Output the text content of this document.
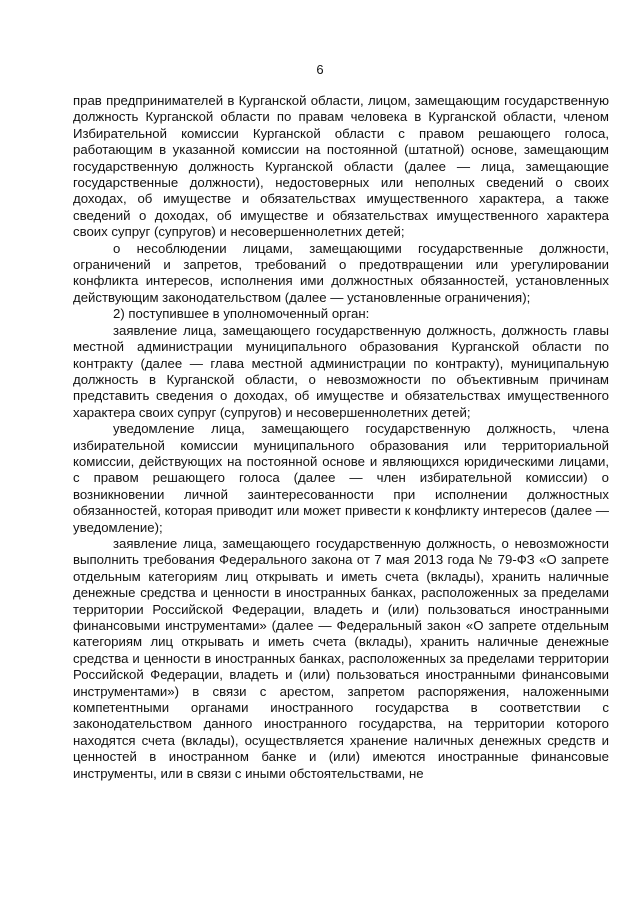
6

прав предпринимателей в Курганской области, лицом, замещающим государственную должность Курганской области по правам человека в Курганской области, членом Избирательной комиссии Курганской области с правом решающего голоса, работающим в указанной комиссии на постоянной (штатной) основе, замещающим государственную должность Курганской области (далее — лица, замещающие государственные должности), недостоверных или неполных сведений о своих доходах, об имуществе и обязательствах имущественного характера, а также сведений о доходах, об имуществе и обязательствах имущественного характера своих супруг (супругов) и несовершеннолетних детей;

о несоблюдении лицами, замещающими государственные должности, ограничений и запретов, требований о предотвращении или урегулировании конфликта интересов, исполнения ими должностных обязанностей, установленных действующим законодательством (далее — установленные ограничения);

2) поступившее в уполномоченный орган:

заявление лица, замещающего государственную должность, должность главы местной администрации муниципального образования Курганской области по контракту (далее — глава местной администрации по контракту), муниципальную должность в Курганской области, о невозможности по объективным причинам представить сведения о доходах, об имуществе и обязательствах имущественного характера своих супруг (супругов) и несовершеннолетних детей;

уведомление лица, замещающего государственную должность, члена избирательной комиссии муниципального образования или территориальной комиссии, действующих на постоянной основе и являющихся юридическими лицами, с правом решающего голоса (далее — член избирательной комиссии) о возникновении личной заинтересованности при исполнении должностных обязанностей, которая приводит или может привести к конфликту интересов (далее — уведомление);

заявление лица, замещающего государственную должность, о невозможности выполнить требования Федерального закона от 7 мая 2013 года № 79-ФЗ «О запрете отдельным категориям лиц открывать и иметь счета (вклады), хранить наличные денежные средства и ценности в иностранных банках, расположенных за пределами территории Российской Федерации, владеть и (или) пользоваться иностранными финансовыми инструментами» (далее — Федеральный закон «О запрете отдельным категориям лиц открывать и иметь счета (вклады), хранить наличные денежные средства и ценности в иностранных банках, расположенных за пределами территории Российской Федерации, владеть и (или) пользоваться иностранными финансовыми инструментами») в связи с арестом, запретом распоряжения, наложенными компетентными органами иностранного государства в соответствии с законодательством данного иностранного государства, на территории которого находятся счета (вклады), осуществляется хранение наличных денежных средств и ценностей в иностранном банке и (или) имеются иностранные финансовые инструменты, или в связи с иными обстоятельствами, не
